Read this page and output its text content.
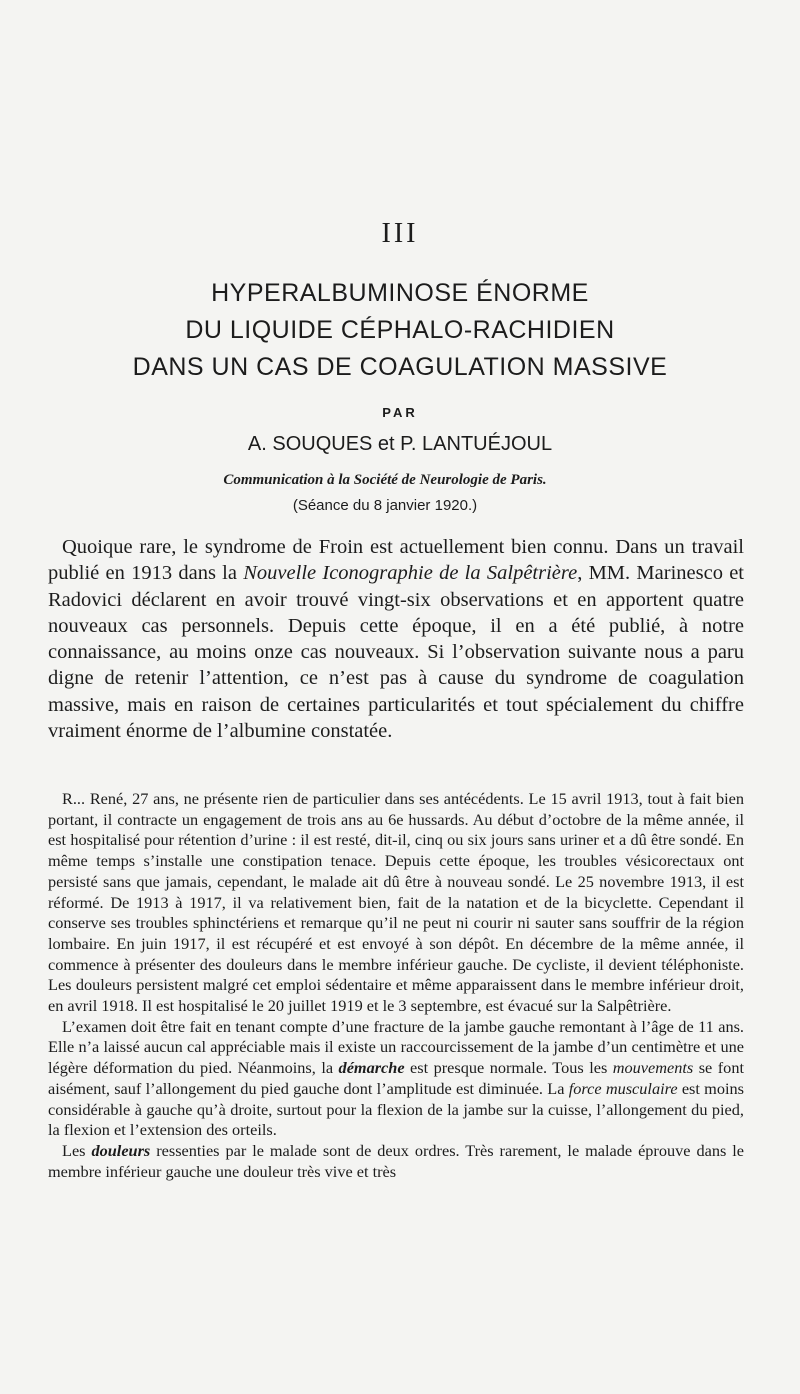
III
HYPERALBUMINOSE ÉNORME
DU LIQUIDE CÉPHALO-RACHIDIEN
DANS UN CAS DE COAGULATION MASSIVE
PAR
A. SOUQUES et P. LANTUÉJOUL
Communication à la Société de Neurologie de Paris.
(Séance du 8 janvier 1920.)

Quoique rare, le syndrome de Froin est actuellement bien connu. Dans un travail publié en 1913 dans la Nouvelle Iconographie de la Salpêtrière, MM. Marinesco et Radovici déclarent en avoir trouvé vingt-six observations et en apportent quatre nouveaux cas personnels. Depuis cette époque, il en a été publié, à notre connaissance, au moins onze cas nouveaux. Si l’observation suivante nous a paru digne de retenir l’attention, ce n’est pas à cause du syndrome de coagulation massive, mais en raison de certaines particularités et tout spécialement du chiffre vraiment énorme de l’albumine constatée.

R... René, 27 ans, ne présente rien de particulier dans ses antécédents. Le 15 avril 1913, tout à fait bien portant, il contracte un engagement de trois ans au 6e hussards. Au début d’octobre de la même année, il est hospitalisé pour rétention d’urine : il est resté, dit-il, cinq ou six jours sans uriner et a dû être sondé. En même temps s’installe une constipation tenace. Depuis cette époque, les troubles vésicorectaux ont persisté sans que jamais, cependant, le malade ait dû être à nouveau sondé. Le 25 novembre 1913, il est réformé. De 1913 à 1917, il va relativement bien, fait de la natation et de la bicyclette. Cependant il conserve ses troubles sphinctériens et remarque qu’il ne peut ni courir ni sauter sans souffrir de la région lombaire. En juin 1917, il est récupéré et est envoyé à son dépôt. En décembre de la même année, il commence à présenter des douleurs dans le membre inférieur gauche. De cycliste, il devient téléphoniste. Les douleurs persistent malgré cet emploi sédentaire et même apparaissent dans le membre inférieur droit, en avril 1918. Il est hospitalisé le 20 juillet 1919 et le 3 septembre, est évacué sur la Salpêtrière.

L’examen doit être fait en tenant compte d’une fracture de la jambe gauche remontant à l’âge de 11 ans. Elle n’a laissé aucun cal appréciable mais il existe un raccourcissement de la jambe d’un centimètre et une légère déformation du pied. Néanmoins, la démarche est presque normale. Tous les mouvements se font aisément, sauf l’allongement du pied gauche dont l’amplitude est diminuée. La force musculaire est moins considérable à gauche qu’à droite, surtout pour la flexion de la jambe sur la cuisse, l’allongement du pied, la flexion et l’extension des orteils.

Les douleurs ressenties par le malade sont de deux ordres. Très rarement, le malade éprouve dans le membre inférieur gauche une douleur très vive et très
